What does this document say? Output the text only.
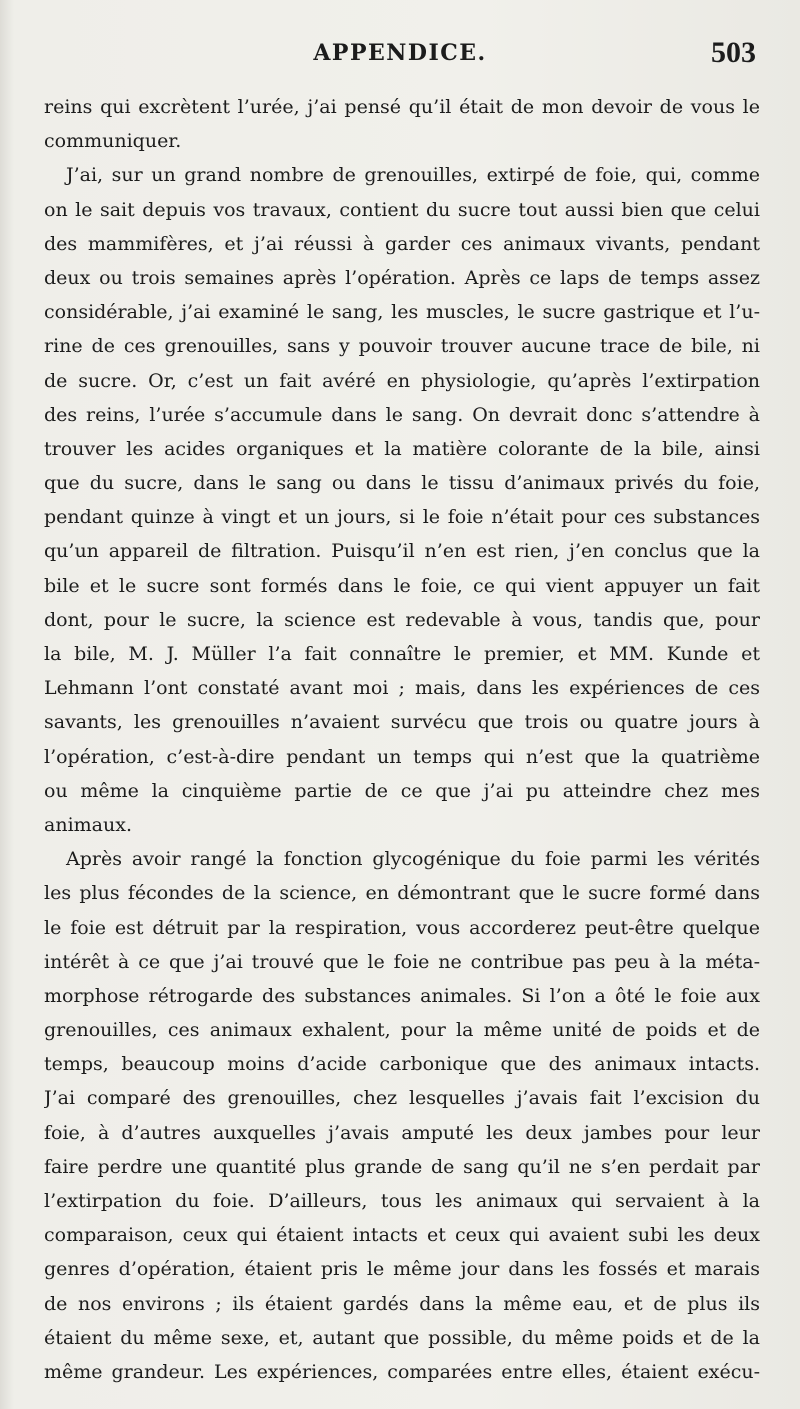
APPENDICE.	503
reins qui excrètent l’urée, j’ai pensé qu’il était de mon devoir de vous le
communiquer.
J’ai, sur un grand nombre de grenouilles, extirpé de foie, qui, comme
on le sait depuis vos travaux, contient du sucre tout aussi bien que celui
des mammifères, et j’ai réussi à garder ces animaux vivants, pendant
deux ou trois semaines après l’opération. Après ce laps de temps assez
considérable, j’ai examiné le sang, les muscles, le sucre gastrique et l’u-
rine de ces grenouilles, sans y pouvoir trouver aucune trace de bile, ni
de sucre. Or, c’est un fait avéré en physiologie, qu’après l’extirpation
des reins, l’urée s’accumule dans le sang. On devrait donc s’attendre à
trouver les acides organiques et la matière colorante de la bile, ainsi
que du sucre, dans le sang ou dans le tissu d’animaux privés du foie,
pendant quinze à vingt et un jours, si le foie n’était pour ces substances
qu’un appareil de filtration. Puisqu’il n’en est rien, j’en conclus que la
bile et le sucre sont formés dans le foie, ce qui vient appuyer un fait
dont, pour le sucre, la science est redevable à vous, tandis que, pour
la bile, M. J. Müller l’a fait connaître le premier, et MM. Kunde et
Lehmann l’ont constaté avant moi ; mais, dans les expériences de ces
savants, les grenouilles n’avaient survécu que trois ou quatre jours à
l’opération, c’est-à-dire pendant un temps qui n’est que la quatrième
ou même la cinquième partie de ce que j’ai pu atteindre chez mes
animaux.
Après avoir rangé la fonction glycogénique du foie parmi les vérités
les plus fécondes de la science, en démontrant que le sucre formé dans
le foie est détruit par la respiration, vous accorderez peut-être quelque
intérêt à ce que j’ai trouvé que le foie ne contribue pas peu à la méta-
morphose rétrogarde des substances animales. Si l’on a ôté le foie aux
grenouilles, ces animaux exhalent, pour la même unité de poids et de
temps, beaucoup moins d’acide carbonique que des animaux intacts.
J’ai comparé des grenouilles, chez lesquelles j’avais fait l’excision du
foie, à d’autres auxquelles j’avais amputé les deux jambes pour leur
faire perdre une quantité plus grande de sang qu’il ne s’en perdait par
l’extirpation du foie. D’ailleurs, tous les animaux qui servaient à la
comparaison, ceux qui étaient intacts et ceux qui avaient subi les deux
genres d’opération, étaient pris le même jour dans les fossés et marais
de nos environs ; ils étaient gardés dans la même eau, et de plus ils
étaient du même sexe, et, autant que possible, du même poids et de la
même grandeur. Les expériences, comparées entre elles, étaient exécu-
